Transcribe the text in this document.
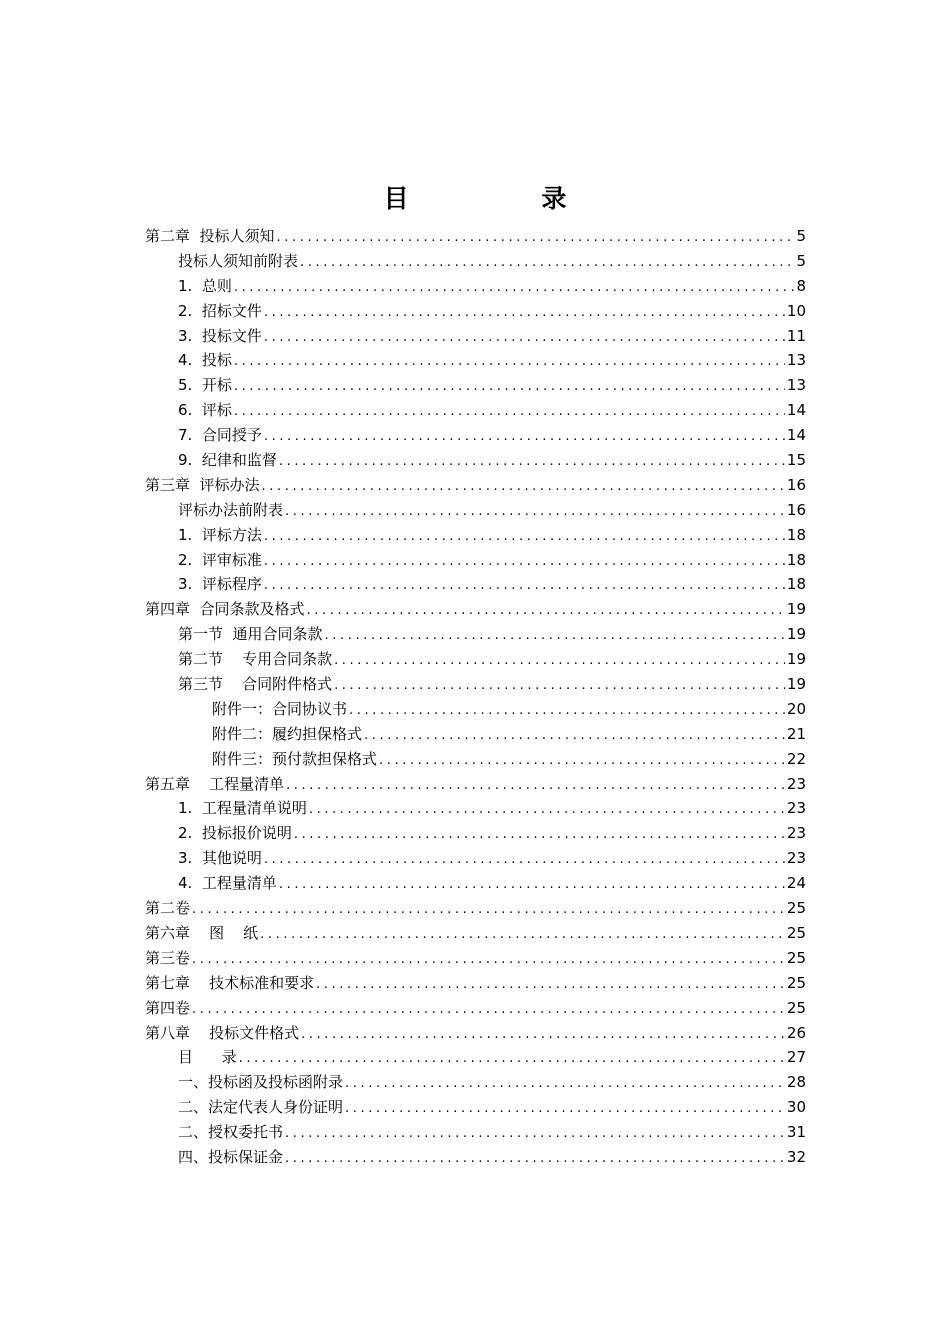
目 录
第二章  投标人须知 .....	5
投标人须知前附表 .....	5
1.  总则 .....	8
2.  招标文件 .....	10
3.  投标文件 .....	11
4.  投标 .....	13
5.  开标 .....	13
6.  评标 .....	14
7.  合同授予 .....	14
9.  纪律和监督 .....	15
第三章  评标办法 .....	16
评标办法前附表 .....	16
1.  评标方法 .....	18
2.  评审标准 .....	18
3.  评标程序 .....	18
第四章  合同条款及格式 .....	19
第一节  通用合同条款 .....	19
第二节    专用合同条款 .....	19
第三节    合同附件格式 .....	19
附件一：合同协议书 .....	20
附件二：履约担保格式 .....	21
附件三：预付款担保格式 .....	22
第五章    工程量清单 .....	23
1.  工程量清单说明 .....	23
2.  投标报价说明 .....	23
3.  其他说明 .....	23
4.  工程量清单 .....	24
第二卷 .....	25
第六章    图    纸 .....	25
第三卷 .....	25
第七章    技术标准和要求 .....	25
第四卷 .....	25
第八章    投标文件格式 .....	26
目      录 .....	27
一、投标函及投标函附录 .....	28
二、法定代表人身份证明 .....	30
二、授权委托书 .....	31
四、投标保证金 .....	32
